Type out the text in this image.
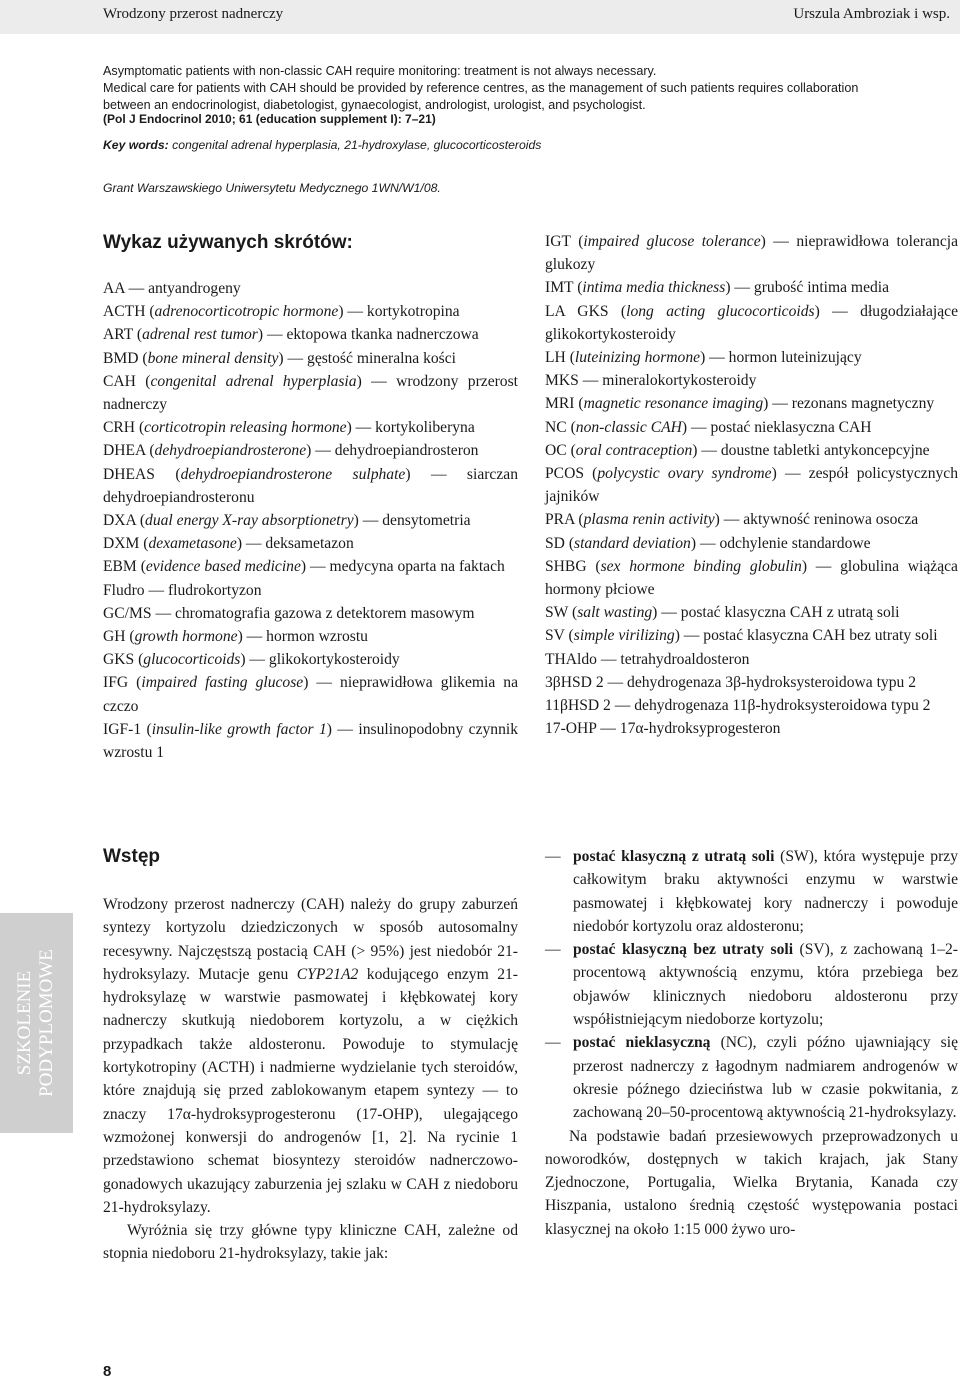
Wrodzony przerost nadnerczy	Urszula Ambroziak i wsp.

Asymptomatic patients with non-classic CAH require monitoring: treatment is not always necessary.

Medical care for patients with CAH should be provided by reference centres, as the management of such patients requires collaboration

between an endocrinologist, diabetologist, gynaecologist, andrologist, urologist, and psychologist.

(Pol J Endocrinol 2010; 61 (education supplement I): 7–21)
Key words: congenital adrenal hyperplasia, 21-hydroxylase, glucocorticosteroids
Grant Warszawskiego Uniwersytetu Medycznego 1WN/W1/08.
Wykaz używanych skrótów:
AA — antyandrogeny
ACTH (adrenocorticotropic hormone) — kortykotropina
ART (adrenal rest tumor) — ektopowa tkanka nadnerczowa
BMD (bone mineral density) — gęstość mineralna kości
CAH (congenital adrenal hyperplasia) — wrodzony przerost nadnerczy
CRH (corticotropin releasing hormone) — kortykoliberyna
DHEA (dehydroepiandrosterone) — dehydroepiandrosteron
DHEAS (dehydroepiandrosterone sulphate) — siarczan dehydroepiandrosteronu
DXA (dual energy X-ray absorptionetry) — densytometria
DXM (dexametasone) — deksametazon
EBM (evidence based medicine) — medycyna oparta na faktach
Fludro — fludrokortyzon
GC/MS — chromatografia gazowa z detektorem masowym
GH (growth hormone) — hormon wzrostu
GKS (glucocorticoids) — glikokortykosteroidy
IFG (impaired fasting glucose) — nieprawidłowa glikemia na czczo
IGF-1 (insulin-like growth factor 1) — insulinopodobny czynnik wzrostu 1
IGT (impaired glucose tolerance) — nieprawidłowa tolerancja glukozy
IMT (intima media thickness) — grubość intima media
LA GKS (long acting glucocorticoids) — długodziałające glikokortykosteroidy
LH (luteinizing hormone) — hormon luteinizujący
MKS — mineralokortykosteroidy
MRI (magnetic resonance imaging) — rezonans magnetyczny
NC (non-classic CAH) — postać nieklasyczna CAH
OC (oral contraception) — doustne tabletki antykoncepcyjne
PCOS (polycystic ovary syndrome) — zespół policystycznych jajników
PRA (plasma renin activity) — aktywność reninowa osocza
SD (standard deviation) — odchylenie standardowe
SHBG (sex hormone binding globulin) — globulina wiążąca hormony płciowe
SW (salt wasting) — postać klasyczna CAH z utratą soli
SV (simple virilizing) — postać klasyczna CAH bez utraty soli
THAldo — tetrahydroaldosteron
3βHSD 2 — dehydrogenaza 3β-hydroksysteroidowa typu 2
11βHSD 2 — dehydrogenaza 11β-hydroksysteroidowa typu 2
17-OHP — 17α-hydroksyprogesteron
Wstęp

Wrodzony przerost nadnerczy (CAH) należy do grupy zaburzeń syntezy kortyzolu dziedziczonych w sposób autosomalny recesywny. Najczęstszą postacią CAH (> 95%) jest niedobór 21-hydroksylazy. Mutacje genu CYP21A2 kodującego enzym 21-hydroksylazę w warstwie pasmowatej i kłębkowatej kory nadnerczy skutkują niedoborem kortyzolu, a w ciężkich przypadkach także aldosteronu. Powoduje to stymulację kortykotropiny (ACTH) i nadmierne wydzielanie tych steroidów, które znajdują się przed zablokowanym etapem syntezy — to znaczy 17α-hydroksyprogesteronu (17-OHP), ulegającego wzmożonej konwersji do androgenów [1, 2]. Na rycinie 1 przedstawiono schemat biosyntezy steroidów nadnerczowo-gonadowych ukazujący zaburzenia jej szlaku w CAH z niedoboru 21-hydroksylazy.

Wyróżnia się trzy główne typy kliniczne CAH, zależne od stopnia niedoboru 21-hydroksylazy, takie jak:

— postać klasyczną z utratą soli (SW), która występuje przy całkowitym braku aktywności enzymu w warstwie pasmowatej i kłębkowatej kory nadnerczy i powoduje niedobór kortyzolu oraz aldosteronu;
— postać klasyczną bez utraty soli (SV), z zachowaną 1–2-procentową aktywnością enzymu, która przebiega bez objawów klinicznych niedoboru aldosteronu przy współistniejącym niedoborze kortyzolu;
— postać nieklasyczną (NC), czyli późno ujawniający się przerost nadnerczy z łagodnym nadmiarem androgenów w okresie późnego dzieciństwa lub w czasie pokwitania, z zachowaną 20–50-procentową aktywnością 21-hydroksylazy.

Na podstawie badań przesiewowych przeprowadzonych u noworodków, dostępnych w takich krajach, jak Stany Zjednoczone, Portugalia, Wielka Brytania, Kanada czy Hiszpania, ustalono średnią częstość występowania postaci klasycznej na około 1:15 000 żywo uro-

SZKOLENIE
PODYPLOMOWE
8
